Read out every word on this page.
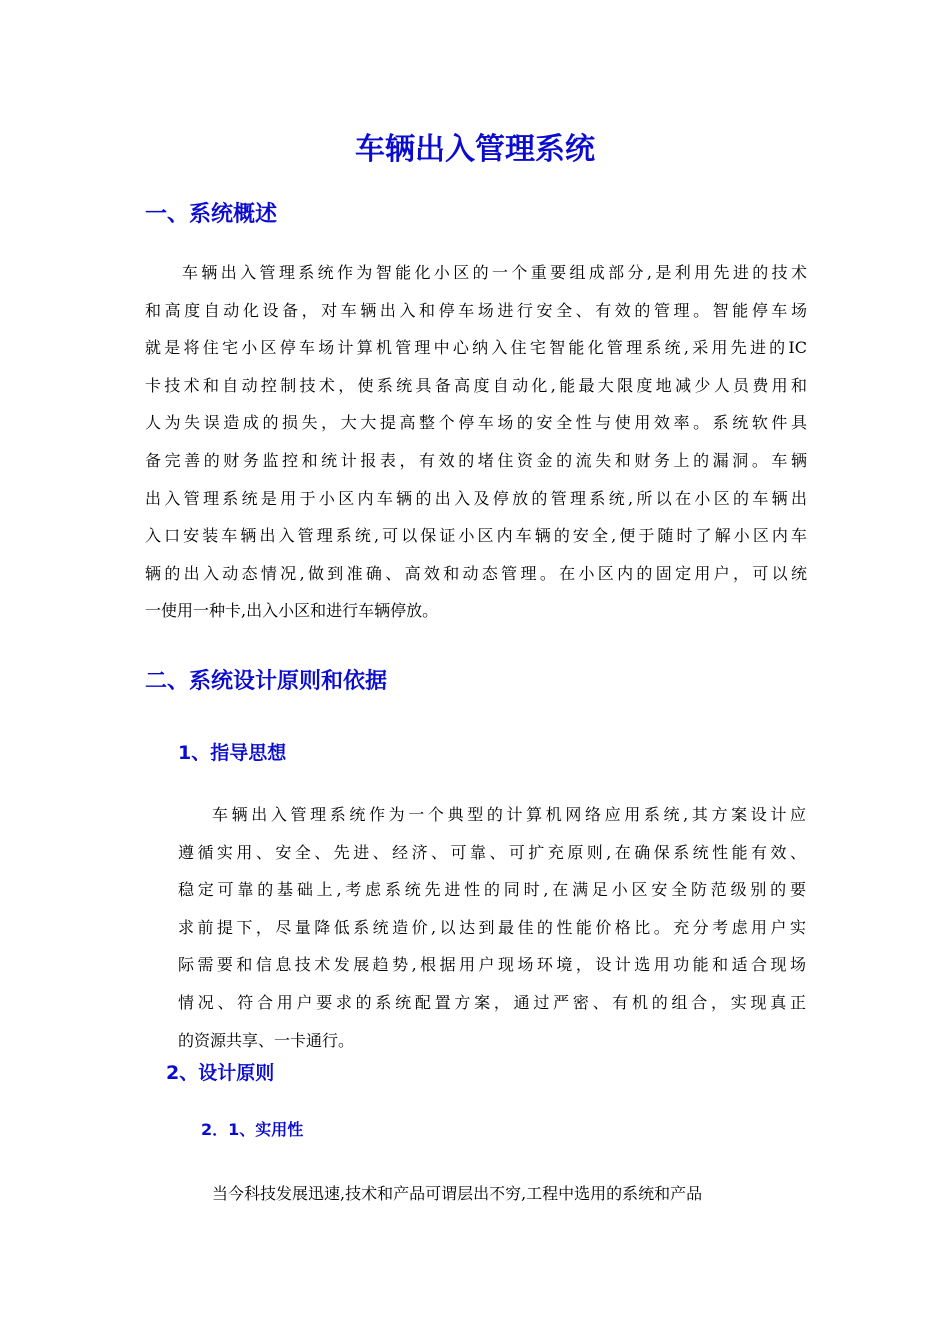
车辆出入管理系统
一、系统概述
车辆出入管理系统作为智能化小区的一个重要组成部分,是利用先进的技术
和高度自动化设备，对车辆出入和停车场进行安全、有效的管理。智能停车场
就是将住宅小区停车场计算机管理中心纳入住宅智能化管理系统,采用先进的IC
卡技术和自动控制技术，使系统具备高度自动化,能最大限度地减少人员费用和
人为失误造成的损失，大大提高整个停车场的安全性与使用效率。系统软件具
备完善的财务监控和统计报表，有效的堵住资金的流失和财务上的漏洞。车辆
出入管理系统是用于小区内车辆的出入及停放的管理系统,所以在小区的车辆出
入口安装车辆出入管理系统,可以保证小区内车辆的安全,便于随时了解小区内车
辆的出入动态情况,做到准确、高效和动态管理。在小区内的固定用户，可以统
一使用一种卡,出入小区和进行车辆停放。
二、系统设计原则和依据
1、指导思想
车辆出入管理系统作为一个典型的计算机网络应用系统,其方案设计应
遵循实用、安全、先进、经济、可靠、可扩充原则,在确保系统性能有效、
稳定可靠的基础上,考虑系统先进性的同时,在满足小区安全防范级别的要
求前提下，尽量降低系统造价,以达到最佳的性能价格比。充分考虑用户实
际需要和信息技术发展趋势,根据用户现场环境，设计选用功能和适合现场
情况、符合用户要求的系统配置方案，通过严密、有机的组合，实现真正
的资源共享、一卡通行。
2、设计原则
2．1、实用性
当今科技发展迅速,技术和产品可谓层出不穷,工程中选用的系统和产品
